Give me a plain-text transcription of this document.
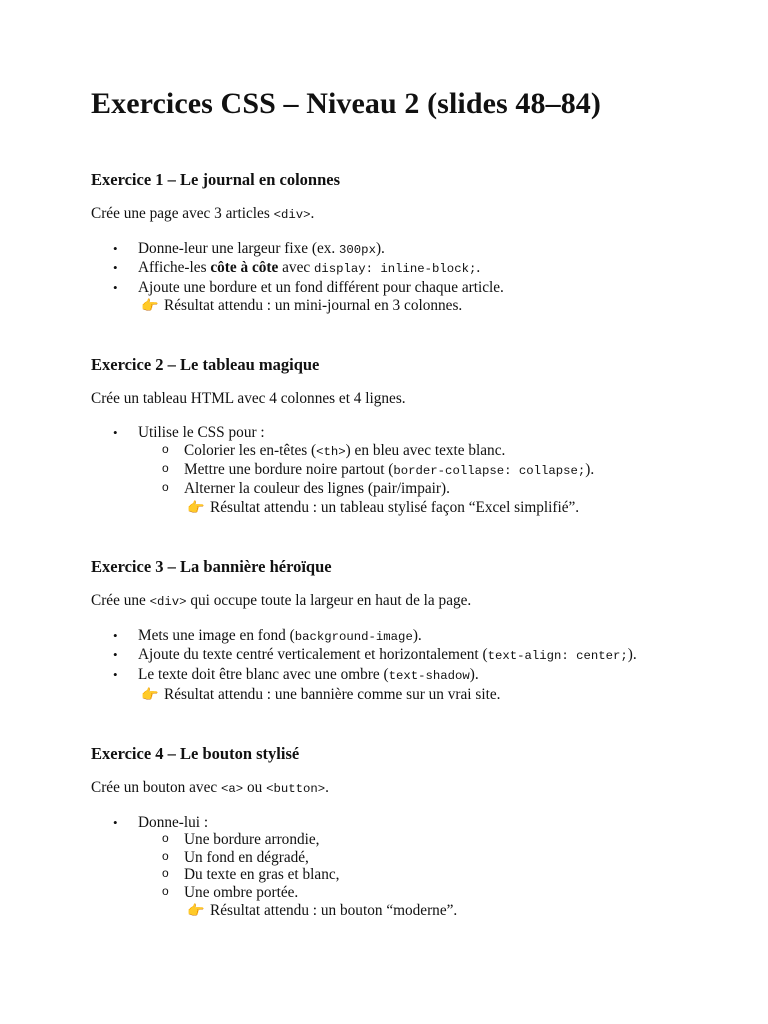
Exercices CSS – Niveau 2 (slides 48–84)
Exercice 1 – Le journal en colonnes

Crée une page avec 3 articles <div>.

• Donne-leur une largeur fixe (ex. 300px).
• Affiche-les côte à côte avec display: inline-block;.
• Ajoute une bordure et un fond différent pour chaque article.
👉 Résultat attendu : un mini-journal en 3 colonnes.
Exercice 2 – Le tableau magique

Crée un tableau HTML avec 4 colonnes et 4 lignes.

• Utilise le CSS pour :
o Colorier les en-têtes (<th>) en bleu avec texte blanc.
o Mettre une bordure noire partout (border-collapse: collapse;).
o Alterner la couleur des lignes (pair/impair).
👉 Résultat attendu : un tableau stylisé façon “Excel simplifié”.
Exercice 3 – La bannière héroïque

Crée une <div> qui occupe toute la largeur en haut de la page.

• Mets une image en fond (background-image).
• Ajoute du texte centré verticalement et horizontalement (text-align: center;).
• Le texte doit être blanc avec une ombre (text-shadow).
👉 Résultat attendu : une bannière comme sur un vrai site.
Exercice 4 – Le bouton stylisé

Crée un bouton avec <a> ou <button>.

• Donne-lui :
o Une bordure arrondie,
o Un fond en dégradé,
o Du texte en gras et blanc,
o Une ombre portée.
👉 Résultat attendu : un bouton “moderne”.
